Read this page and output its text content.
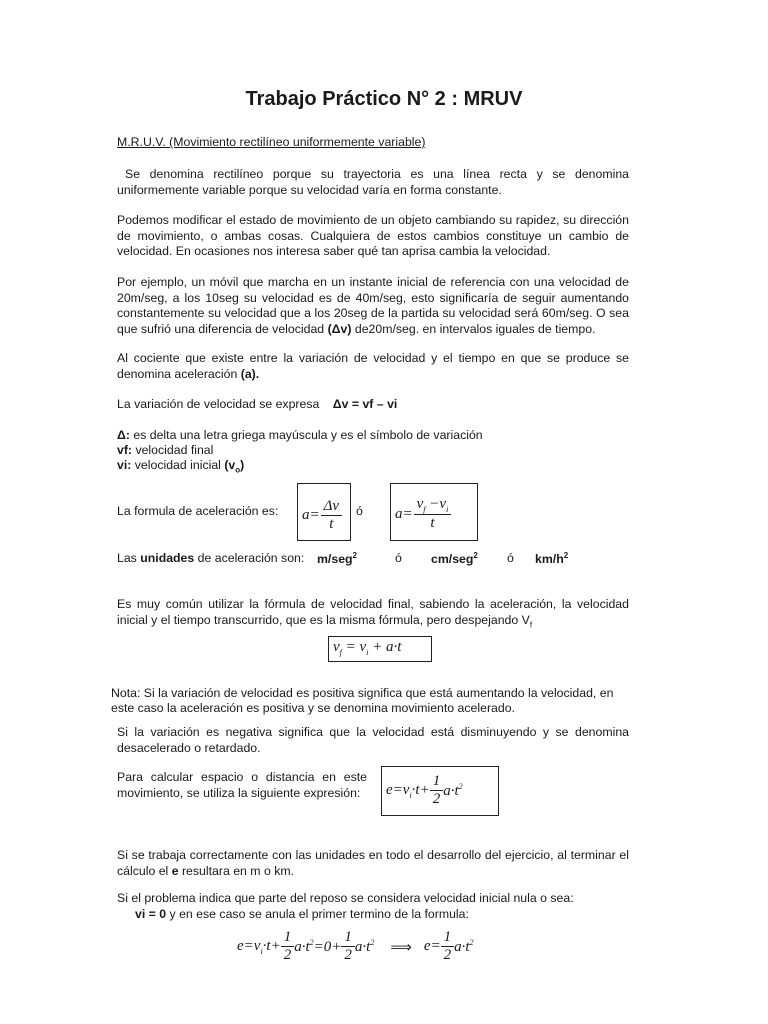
Trabajo Práctico N° 2 : MRUV
M.R.U.V. (Movimiento rectilíneo uniformemente variable)

Se denomina rectilíneo porque su trayectoria es una línea recta y se denomina uniformemente variable porque su velocidad varía en forma constante.

Podemos modificar el estado de movimiento de un objeto cambiando su rapidez, su dirección de movimiento, o ambas cosas. Cualquiera de estos cambios constituye un cambio de velocidad. En ocasiones nos interesa saber qué tan aprisa cambia la velocidad.

Por ejemplo, un móvil que marcha en un instante inicial de referencia con una velocidad de 20m/seg, a los 10seg su velocidad es de 40m/seg, esto significaría de seguir aumentando constantemente su velocidad que a los 20seg de la partida su velocidad será 60m/seg. O sea que sufrió una diferencia de velocidad (Δv) de20m/seg. en intervalos iguales de tiempo.

Al cociente que existe entre la variación de velocidad y el tiempo en que se produce se denomina aceleración (a).

La variación de velocidad se expresa Δv = vf – vi
Δ: es delta una letra griega mayúscula y es el símbolo de variación
vf: velocidad final
vi: velocidad inicial $(v_o)$
La formula de aceleración es: $a= \frac{\Delta v}{t}$ ó $a= \frac{v_f -v_i}{t}$
Las unidades de aceleración son: m/seg$^2$	ó cm/seg$^2$ ó $km/h^2$

Es muy común utilizar la fórmula de velocidad final, sabiendo la aceleración, la velocidad inicial y el tiempo transcurrido, que es la misma fórmula, pero despejando $V_f$

$v_f = v_i + a\cdot t$

Nota: Si la variación de velocidad es positiva significa que está aumentando la velocidad, en este caso la aceleración es positiva y se denomina movimiento acelerado.

Si la variación es negativa significa que la velocidad está disminuyendo y se denomina desacelerado o retardado.

Para calcular espacio o distancia en este movimiento, se utiliza la siguiente expresión:	$e=v_i\cdot t+ \frac{1}{2} a\cdot t^2$

Si se trabaja correctamente con las unidades en todo el desarrollo del ejercicio, al terminar el cálculo el e resultara en m o km.

Si el problema indica que parte del reposo se considera velocidad inicial nula o sea:

vi = 0 y en ese caso se anula el primer termino de la formula:
$e=v_i\cdot t+ \frac{1}{2} a\cdot t^2=0+ \frac{1}{2} a\cdot t^2$ ⟹ $e= \frac{1}{2} a\cdot t^2$
